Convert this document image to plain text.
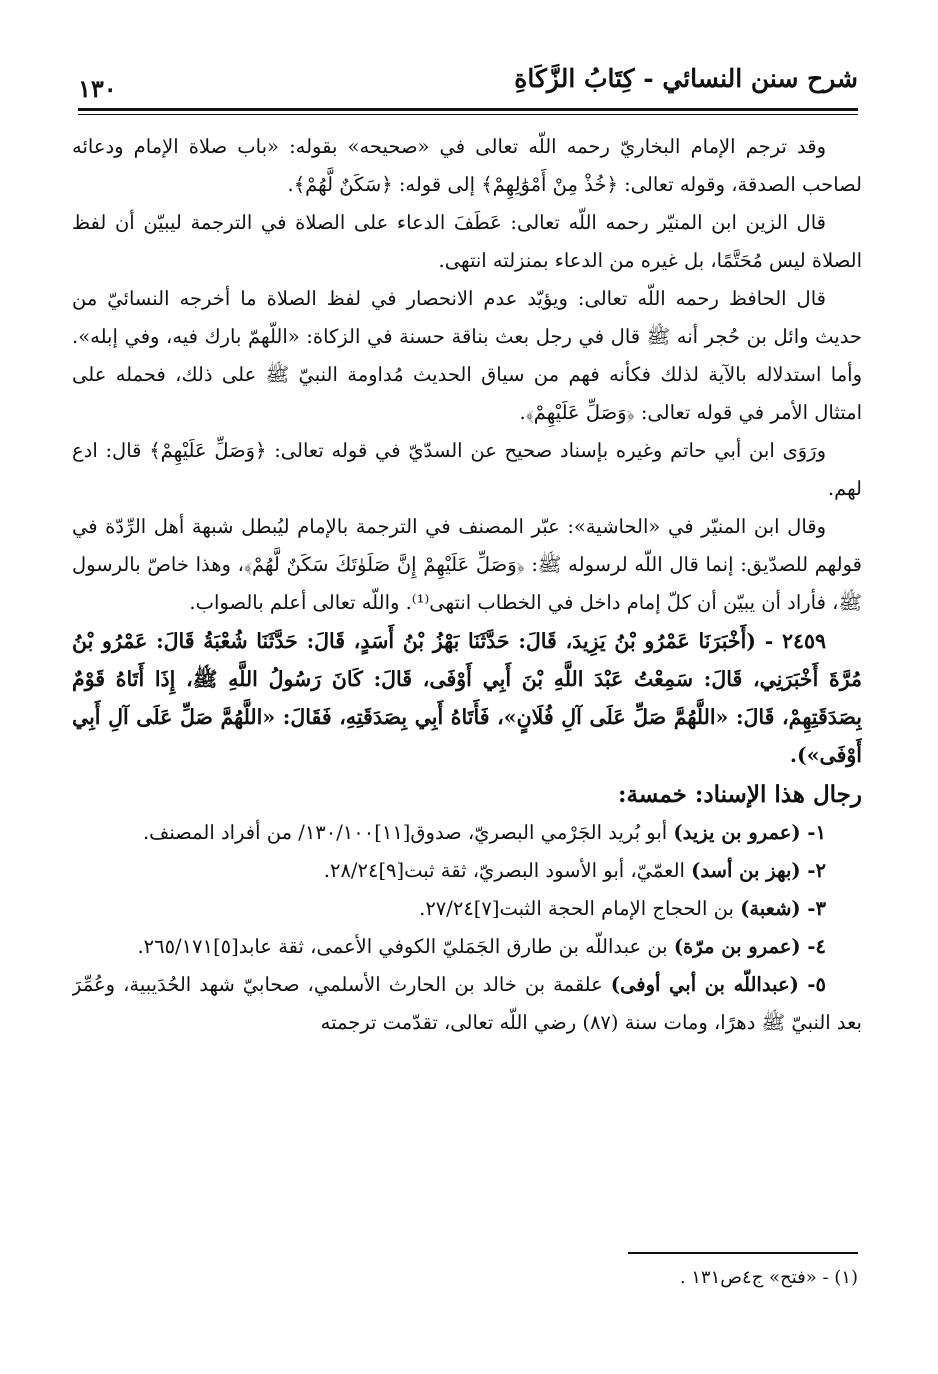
شرح سنن النسائي - كِتَابُ الزَّكَاةِ
١٣٠

وقد ترجم الإمام البخاريّ رحمه اللّه تعالى في «صحيحه» بقوله: «باب صلاة الإمام ودعائه لصاحب الصدقة، وقوله تعالى: ﴿خُذْ مِنْ أَمْوَٰلِهِمْ﴾ إلى قوله: ﴿سَكَنٌ لَّهُمْ﴾.

قال الزين ابن المنيّر رحمه اللّه تعالى: عَطَفَ الدعاء على الصلاة في الترجمة ليبيّن أن لفظ الصلاة ليس مُحَتَّمًا، بل غيره من الدعاء بمنزلته انتهى.

قال الحافظ رحمه اللّه تعالى: ويؤيّد عدم الانحصار في لفظ الصلاة ما أخرجه النسائيّ من حديث وائل بن حُجر أنه ﷺ قال في رجل بعث بناقة حسنة في الزكاة: «اللّهمّ بارك فيه، وفي إبله». وأما استدلاله بالآية لذلك فكأنه فهم من سياق الحديث مُداومة النبيّ ﷺ على ذلك، فحمله على امتثال الأمر في قوله تعالى: ﴿وَصَلِّ عَلَيْهِمْ﴾.

ورَوَى ابن أبي حاتم وغيره بإسناد صحيح عن السدّيّ في قوله تعالى: ﴿وَصَلِّ عَلَيْهِمْ﴾ قال: ادع لهم.

وقال ابن المنيّر في «الحاشية»: عبّر المصنف في الترجمة بالإمام ليُبطل شبهة أهل الرِّدّة في قولهم للصدّيق: إنما قال اللّه لرسوله ﷺ: ﴿وَصَلِّ عَلَيْهِمْ إِنَّ صَلَوٰتَكَ سَكَنٌ لَّهُمْ﴾، وهذا خاصّ بالرسول ﷺ، فأراد أن يبيّن أن كلّ إمام داخل في الخطاب انتهى⁽¹⁾. واللّه تعالى أعلم بالصواب.

٢٤٥٩ - (أَخْبَرَنَا عَمْرُو بْنُ يَزِيدَ، قَالَ: حَدَّثَنَا بَهْزُ بْنُ أَسَدٍ، قَالَ: حَدَّثَنَا شُعْبَةُ قَالَ: عَمْرُو بْنُ مُرَّةَ أَخْبَرَنِي، قَالَ: سَمِعْتُ عَبْدَ اللَّهِ بْنَ أَبِي أَوْفَى، قَالَ: كَانَ رَسُولُ اللَّهِ ﷺ، إِذَا أَتَاهُ قَوْمٌ بِصَدَقَتِهِمْ، قَالَ: «اللَّهُمَّ صَلِّ عَلَى آلِ فُلَانٍ»، فَأَتَاهُ أَبِي بِصَدَقَتِهِ، فَقَالَ: «اللَّهُمَّ صَلِّ عَلَى آلِ أَبِي أَوْفَى»).

رجال هذا الإسناد: خمسة:

١- (عمرو بن يزيد) أبو بُريد الجَرْمي البصريّ، صدوق[١١]١٣٠/١٠٠/ من أفراد المصنف.

٢- (بهز بن أسد) العمّيّ، أبو الأسود البصريّ، ثقة ثبت[٩]٢٨/٢٤.

٣- (شعبة) بن الحجاج الإمام الحجة الثبت[٧]٢٧/٢٤.

٤- (عمرو بن مرّة) بن عبداللّه بن طارق الجَمَليّ الكوفي الأعمى، ثقة عابد[٥]٢٦٥/١٧١.

٥- (عبداللّه بن أبي أوفى) علقمة بن خالد بن الحارث الأسلمي، صحابيّ شهد الحُدَيبية، وعُمِّرَ بعد النبيّ ﷺ دهرًا، ومات سنة (٨٧) رضي اللّه تعالى، تقدّمت ترجمته

(١) - «فتح» ج٤ص١٣١ .
